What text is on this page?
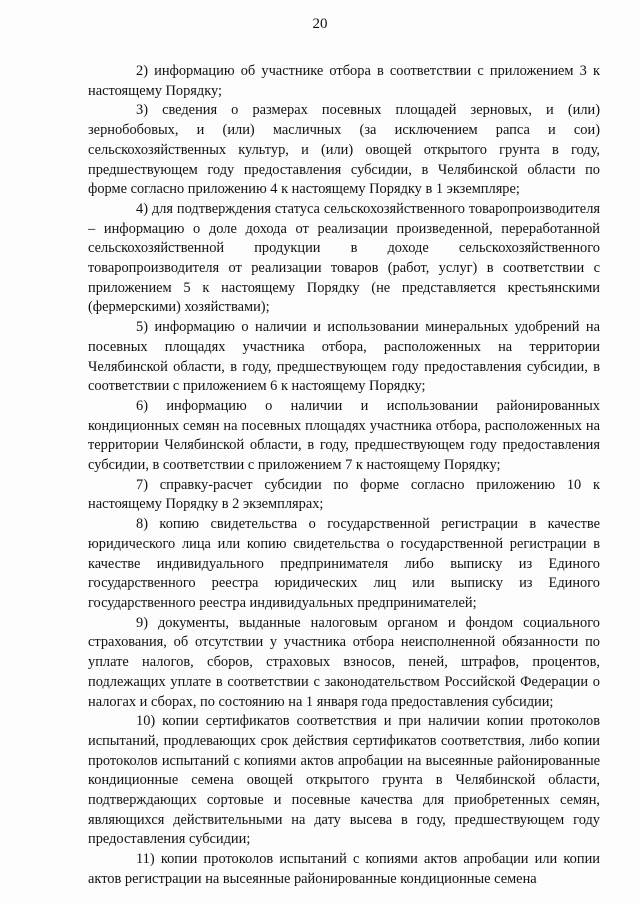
20

2) информацию об участнике отбора в соответствии с приложением 3 к настоящему Порядку;

3) сведения о размерах посевных площадей зерновых, и (или) зернобобовых, и (или) масличных (за исключением рапса и сои) сельскохозяйственных культур, и (или) овощей открытого грунта в году, предшествующем году предоставления субсидии, в Челябинской области по форме согласно приложению 4 к настоящему Порядку в 1 экземпляре;

4) для подтверждения статуса сельскохозяйственного товаропроизводителя – информацию о доле дохода от реализации произведенной, переработанной сельскохозяйственной продукции в доходе сельскохозяйственного товаропроизводителя от реализации товаров (работ, услуг) в соответствии с приложением 5 к настоящему Порядку (не представляется крестьянскими (фермерскими) хозяйствами);

5) информацию о наличии и использовании минеральных удобрений на посевных площадях участника отбора, расположенных на территории Челябинской области, в году, предшествующем году предоставления субсидии, в соответствии с приложением 6 к настоящему Порядку;

6) информацию о наличии и использовании районированных кондиционных семян на посевных площадях участника отбора, расположенных на территории Челябинской области, в году, предшествующем году предоставления субсидии, в соответствии с приложением 7 к настоящему Порядку;

7) справку-расчет субсидии по форме согласно приложению 10 к настоящему Порядку в 2 экземплярах;

8) копию свидетельства о государственной регистрации в качестве юридического лица или копию свидетельства о государственной регистрации в качестве индивидуального предпринимателя либо выписку из Единого государственного реестра юридических лиц или выписку из Единого государственного реестра индивидуальных предпринимателей;

9) документы, выданные налоговым органом и фондом социального страхования, об отсутствии у участника отбора неисполненной обязанности по уплате налогов, сборов, страховых взносов, пеней, штрафов, процентов, подлежащих уплате в соответствии с законодательством Российской Федерации о налогах и сборах, по состоянию на 1 января года предоставления субсидии;

10) копии сертификатов соответствия и при наличии копии протоколов испытаний, продлевающих срок действия сертификатов соответствия, либо копии протоколов испытаний с копиями актов апробации на высеянные районированные кондиционные семена овощей открытого грунта в Челябинской области, подтверждающих сортовые и посевные качества для приобретенных семян, являющихся действительными на дату высева в году, предшествующем году предоставления субсидии;

11) копии протоколов испытаний с копиями актов апробации или копии актов регистрации на высеянные районированные кондиционные семена
